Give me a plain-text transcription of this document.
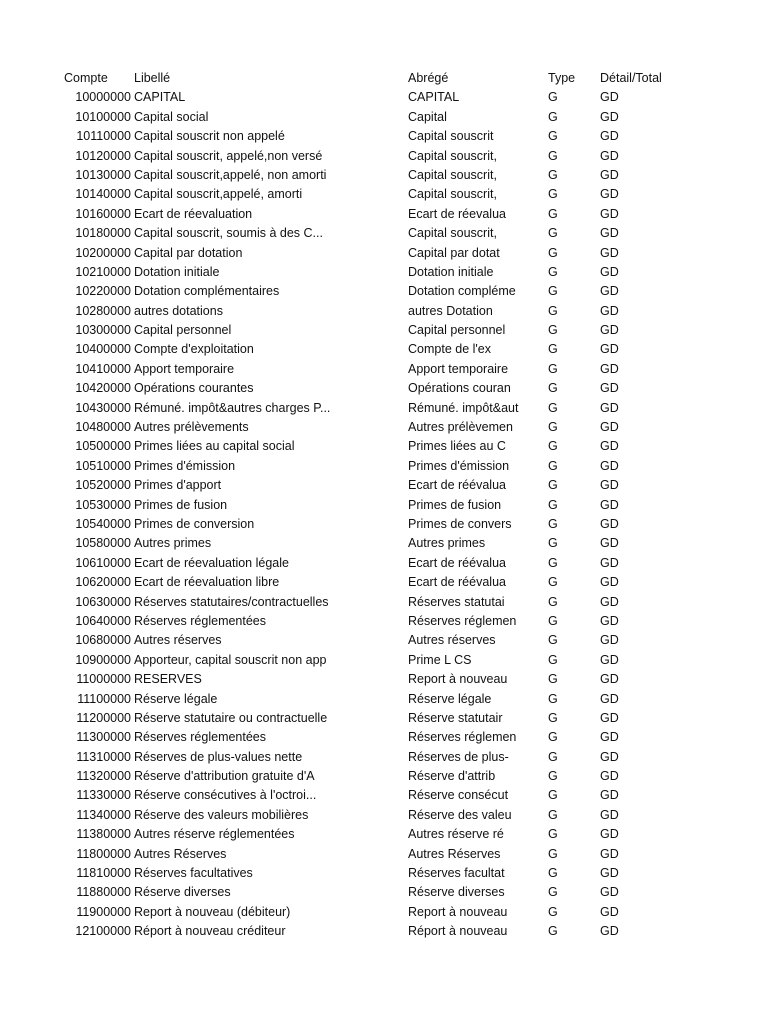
Compte Libellé	Abrégé	Type	Détail/Total
10000000 CAPITAL	CAPITAL	G	GD
10100000 Capital social	Capital	G	GD
10110000 Capital souscrit non appelé	Capital souscrit	G	GD
10120000 Capital souscrit, appelé,non versé	Capital souscrit,	G	GD
10130000 Capital souscrit,appelé, non amorti	Capital souscrit,	G	GD
10140000 Capital souscrit,appelé, amorti	Capital souscrit,	G	GD
10160000 Ecart de réevaluation	Ecart de réevalua	G	GD
10180000 Capital souscrit, soumis à des C...	Capital souscrit,	G	GD
10200000 Capital par dotation	Capital par dotat	G	GD
10210000 Dotation initiale	Dotation initiale	G	GD
10220000 Dotation complémentaires	Dotation compléme	G	GD
10280000 autres dotations	autres Dotation	G	GD
10300000 Capital personnel	Capital personnel	G	GD
10400000 Compte d'exploitation	Compte de l'ex	G	GD
10410000 Apport temporaire	Apport temporaire	G	GD
10420000 Opérations courantes	Opérations couran	G	GD
10430000 Rémuné. impôt&autres charges P...	Rémuné. impôt&aut	G	GD
10480000 Autres prélèvements	Autres prélèvemen	G	GD
10500000 Primes liées au capital social	Primes liées au C	G	GD
10510000 Primes d'émission	Primes d'émission	G	GD
10520000 Primes d'apport	Ecart de réévalua	G	GD
10530000 Primes de fusion	Primes de fusion	G	GD
10540000 Primes de conversion	Primes de convers	G	GD
10580000 Autres primes	Autres primes	G	GD
10610000 Ecart de réevaluation légale	Ecart de réévalua	G	GD
10620000 Ecart de réevaluation libre	Ecart de réévalua	G	GD
10630000 Réserves statutaires/contractuelles	Réserves statutai	G	GD
10640000 Réserves réglementées	Réserves réglemen	G	GD
10680000 Autres réserves	Autres réserves	G	GD
10900000 Apporteur, capital souscrit non app	Prime L CS	G	GD
11000000 RESERVES	Report à nouveau	G	GD
11100000 Réserve légale	Réserve légale	G	GD
11200000 Réserve statutaire ou contractuelle	Réserve statutair	G	GD
11300000 Réserves réglementées	Réserves réglemen	G	GD
11310000 Réserves de plus-values nette	Réserves de plus-	G	GD
11320000 Réserve d'attribution gratuite d'A	Réserve d'attrib	G	GD
11330000 Réserve consécutives à l'octroi...	Réserve consécut	G	GD
11340000 Réserve des valeurs mobilières	Réserve des valeu	G	GD
11380000 Autres réserve réglementées	Autres réserve ré	G	GD
11800000 Autres Réserves	Autres Réserves	G	GD
11810000 Réserves facultatives	Réserves facultat	G	GD
11880000 Réserve diverses	Réserve diverses	G	GD
11900000 Report à nouveau (débiteur)	Report à nouveau	G	GD
12100000 Réport à nouveau créditeur	Réport à nouveau	G	GD
